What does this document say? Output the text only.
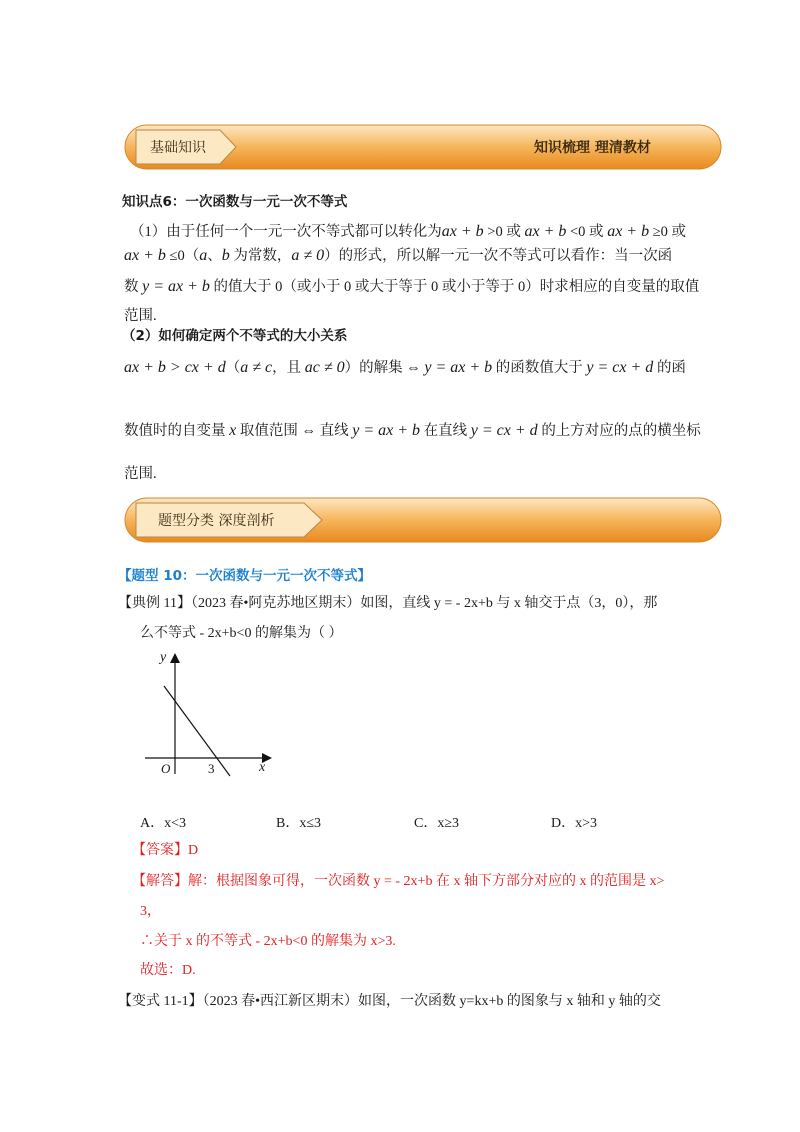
基础知识	知识梳理 理清教材
知识点6：一次函数与一元一次不等式
（1）由于任何一个一元一次不等式都可以转化为ax + b >0 或 ax + b <0 或 ax + b ≥0 或
ax + b ≤0（a、b 为常数，a ≠ 0）的形式，所以解一元一次不等式可以看作：当一次函
数 y = ax + b 的值大于 0（或小于 0 或大于等于 0 或小于等于 0）时求相应的自变量的取值
范围.
（2）如何确定两个不等式的大小关系
ax + b > cx + d（a ≠ c，且 ac ≠ 0）的解集 ⇔ y = ax + b 的函数值大于 y = cx + d 的函
数值时的自变量 x 取值范围 ⇔ 直线 y = ax + b 在直线 y = cx + d 的上方对应的点的横坐标
范围.
题型分类 深度剖析
【题型 10：一次函数与一元一次不等式】
【典例 11】（2023 春•阿克苏地区期末）如图，直线 y = - 2x+b 与 x 轴交于点（3，0），那
么不等式 - 2x+b<0 的解集为（ ）
y
x
O	3
A．x<3	B．x≤3	C．x≥3	D．x>3
【答案】D
【解答】解：根据图象可得，一次函数 y = - 2x+b 在 x 轴下方部分对应的 x 的范围是 x>
3，
∴关于 x 的不等式 - 2x+b<0 的解集为 x>3.
故选：D.
【变式 11-1】（2023 春•西江新区期末）如图，一次函数 y=kx+b 的图象与 x 轴和 y 轴的交
